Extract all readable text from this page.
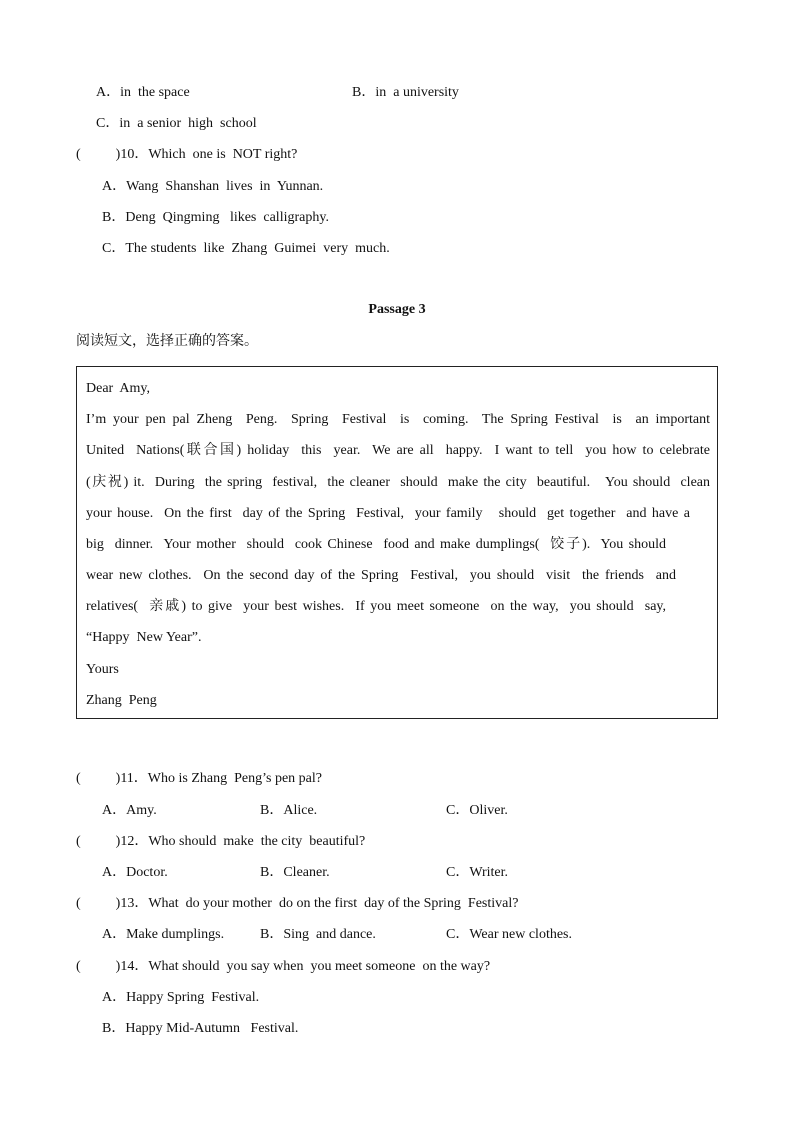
A．in  the space	B．in  a university
C．in  a senior  high  school
(          )10．Which  one is  NOT right?
A．Wang  Shanshan  lives  in  Yunnan.
B．Deng  Qingming   likes  calligraphy.
C．The students  like  Zhang  Guimei  very  much.
Passage 3
阅读短文，选择正确的答案。
Dear  Amy,
I’m your pen pal Zheng  Peng.  Spring  Festival  is  coming.  The Spring Festival  is  an important
United  Nations(联合国) holiday  this  year.  We are all  happy.  I want to tell  you how to celebrate
(庆祝) it.  During  the spring  festival,  the cleaner  should  make the city  beautiful.   You should  clean
your house.  On the first  day of the Spring  Festival,  your family   should  get together  and have a
big  dinner.  Your mother  should  cook Chinese  food and make dumplings(  饺子).  You should
wear new clothes.  On the second day of the Spring  Festival,  you should  visit  the friends  and
relatives(  亲戚) to give  your best wishes.  If you meet someone  on the way,  you should  say,
“Happy  New Year”.
Yours
Zhang  Peng
(          )11．Who is Zhang  Peng’s pen pal?
A．Amy.	B．Alice.	C．Oliver.
(          )12．Who should  make  the city  beautiful?
A．Doctor.	B．Cleaner.	C．Writer.
(          )13．What  do your mother  do on the first  day of the Spring  Festival?
A．Make dumplings.	B．Sing  and dance.	C．Wear new clothes.
(          )14．What should  you say when  you meet someone  on the way?
A．Happy Spring  Festival.
B．Happy Mid-Autumn   Festival.
